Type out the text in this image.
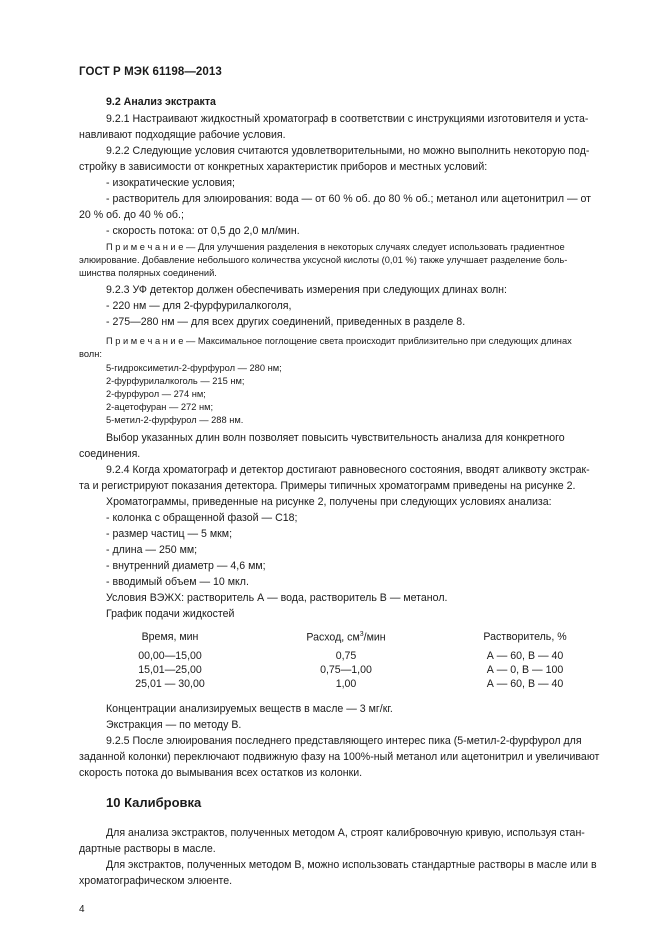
ГОСТ Р МЭК 61198—2013
9.2 Анализ экстракта
9.2.1 Настраивают жидкостный хроматограф в соответствии с инструкциями изготовителя и уста-
навливают подходящие рабочие условия.
9.2.2 Следующие условия считаются удовлетворительными, но можно выполнить некоторую под-
стройку в зависимости от конкретных характеристик приборов и местных условий:
- изократические условия;
- растворитель для элюирования: вода — от 60 % об. до 80 % об.; метанол или ацетонитрил — от
20 % об. до 40 % об.;
- скорость потока: от 0,5 до 2,0 мл/мин.
П р и м е ч а н и е — Для улучшения разделения в некоторых случаях следует использовать градиентное
элюирование. Добавление небольшого количества уксусной кислоты (0,01 %) также улучшает разделение боль-
шинства полярных соединений.
9.2.3 УФ детектор должен обеспечивать измерения при следующих длинах волн:
- 220 нм — для 2-фурфурилалкоголя,
- 275—280 нм — для всех других соединений, приведенных в разделе 8.
П р и м е ч а н и е — Максимальное поглощение света происходит приблизительно при следующих длинах
волн:
5-гидроксиметил-2-фурфурол — 280 нм;
2-фурфурилалкоголь — 215 нм;
2-фурфурол — 274 нм;
2-ацетофуран — 272 нм;
5-метил-2-фурфурол — 288 нм.
Выбор указанных длин волн позволяет повысить чувствительность анализа для конкретного
соединения.
9.2.4 Когда хроматограф и детектор достигают равновесного состояния, вводят аликвоту экстрак-
та и регистрируют показания детектора. Примеры типичных хроматограмм приведены на рисунке 2.
Хроматограммы, приведенные на рисунке 2, получены при следующих условиях анализа:
- колонка с обращенной фазой — C18;
- размер частиц — 5 мкм;
- длина — 250 мм;
- внутренний диаметр — 4,6 мм;
- вводимый объем — 10 мкл.
Условия ВЭЖХ: растворитель А — вода, растворитель В — метанол.
График подачи жидкостей
Время, мин	Расход, $см^3$/мин	Растворитель, %
00,00—15,00	0,75	А — 60, В — 40
15,01—25,00	0,75—1,00	А — 0, В — 100
25,01 — 30,00	1,00	А — 60, В — 40
Концентрации анализируемых веществ в масле — 3 мг/кг.
Экстракция — по методу В.
9.2.5 После элюирования последнего представляющего интерес пика (5-метил-2-фурфурол для
заданной колонки) переключают подвижную фазу на 100%-ный метанол или ацетонитрил и увеличивают
скорость потока до вымывания всех остатков из колонки.
10 Калибровка
Для анализа экстрактов, полученных методом А, строят калибровочную кривую, используя стан-
дартные растворы в масле.
Для экстрактов, полученных методом В, можно использовать стандартные растворы в масле или в
хроматографическом элюенте.
4
